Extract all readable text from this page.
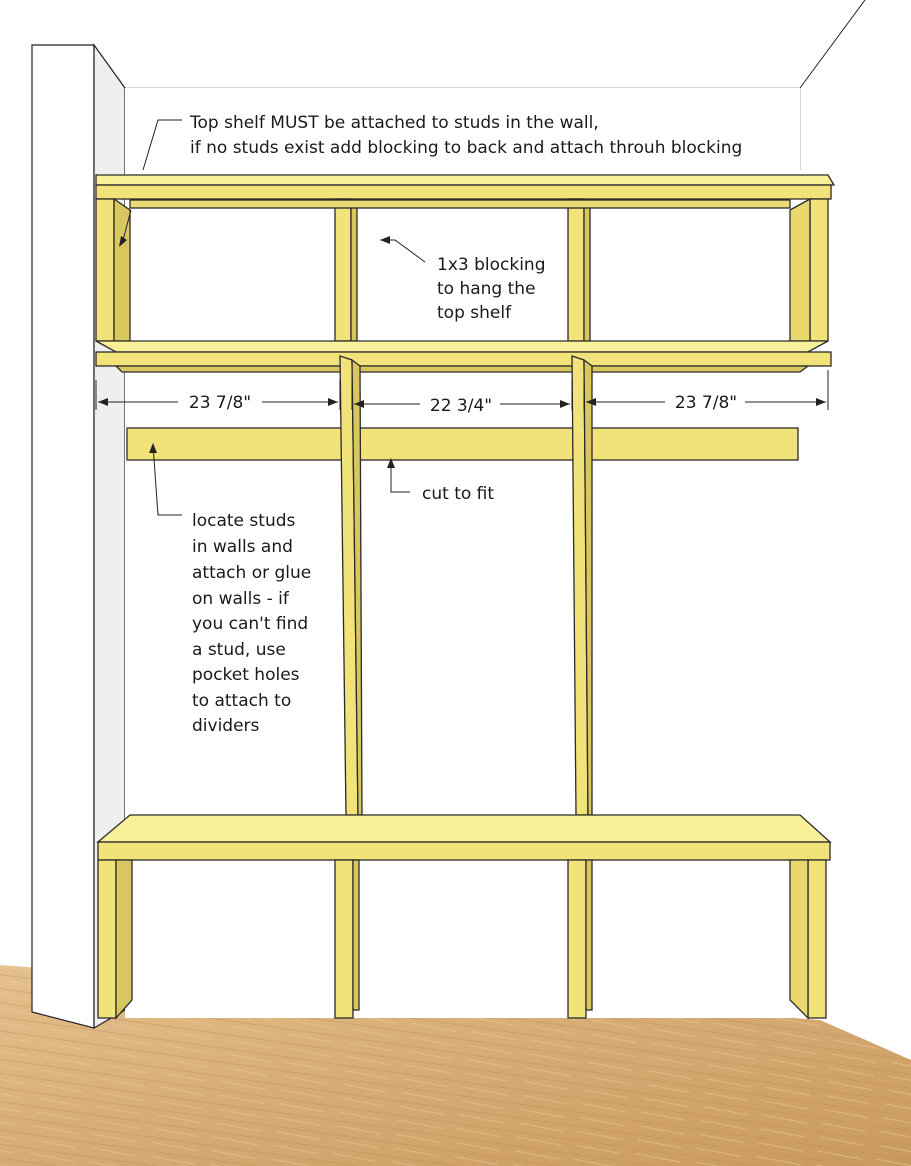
Top shelf MUST be attached to studs in the wall,
if no studs exist add blocking to back and attach throuh blocking
1x3 blocking
to hang the
top shelf
23 7/8"	22 3/4"	23 7/8"
cut to fit
locate studs
in walls and
attach or glue
on walls - if
you can't find
a stud, use
pocket holes
to attach to
dividers
